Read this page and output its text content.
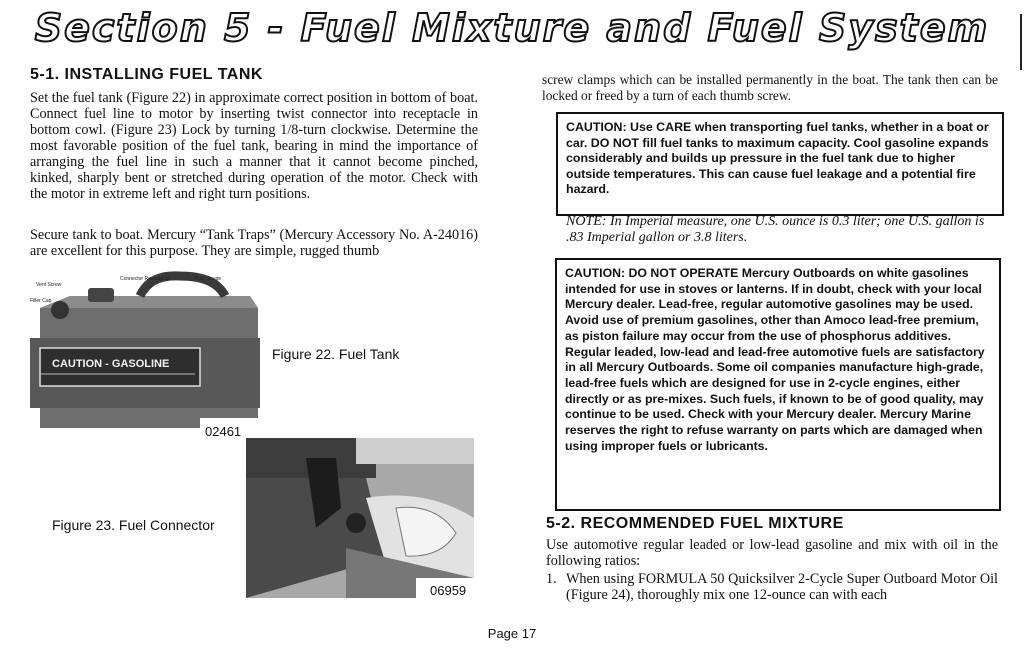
Section 5 - Fuel Mixture and Fuel System
5-1. INSTALLING FUEL TANK
Set the fuel tank (Figure 22) in approximate correct position in bottom of boat. Connect fuel line to motor by inserting twist connector into receptacle in bottom cowl. (Figure 23) Lock by turning 1/8-turn clockwise. Determine the most favorable position of the fuel tank, bearing in mind the importance of arranging the fuel line in such a manner that it cannot become pinched, kinked, sharply bent or stretched during operation of the motor. Check with the motor in extreme left and right turn positions.
Secure tank to boat. Mercury “Tank Traps” (Mercury Accessory No. A-24016) are excellent for this purpose. They are simple, rugged thumb
CAUTION - GASOLINE
Vent Screw
Connector Receptacle	Fuel Gauge
Filler Cap
02461
Figure 22. Fuel Tank
06959
Figure 23. Fuel Connector
screw clamps which can be installed permanently in the boat. The tank then can be locked or freed by a turn of each thumb screw.
CAUTION: Use CARE when transporting fuel tanks, whether in a boat or car. DO NOT fill fuel tanks to maximum capacity. Cool gasoline expands considerably and builds up pressure in the fuel tank due to higher outside temperatures. This can cause fuel leakage and a potential fire hazard.
NOTE: In Imperial measure, one U.S. ounce is 0.3 liter; one U.S. gallon is .83 Imperial gallon or 3.8 liters.
CAUTION: DO NOT OPERATE Mercury Outboards on white gasolines intended for use in stoves or lanterns. If in doubt, check with your local Mercury dealer. Lead-free, regular automotive gasolines may be used. Avoid use of premium gasolines, other than Amoco lead-free premium, as piston failure may occur from the use of phosphorus additives. Regular leaded, low-lead and lead-free automotive fuels are satisfactory in all Mercury Outboards. Some oil companies manufacture high-grade, lead-free fuels which are designed for use in 2-cycle engines, either directly or as pre-mixes. Such fuels, if known to be of good quality, may continue to be used. Check with your Mercury dealer. Mercury Marine reserves the right to refuse warranty on parts which are damaged when using improper fuels or lubricants.
5-2. RECOMMENDED FUEL MIXTURE
Use automotive regular leaded or low-lead gasoline and mix with oil in the following ratios:
1. When using FORMULA 50 Quicksilver 2-Cycle Super Outboard Motor Oil (Figure 24), thoroughly mix one 12-ounce can with each
Page 17
